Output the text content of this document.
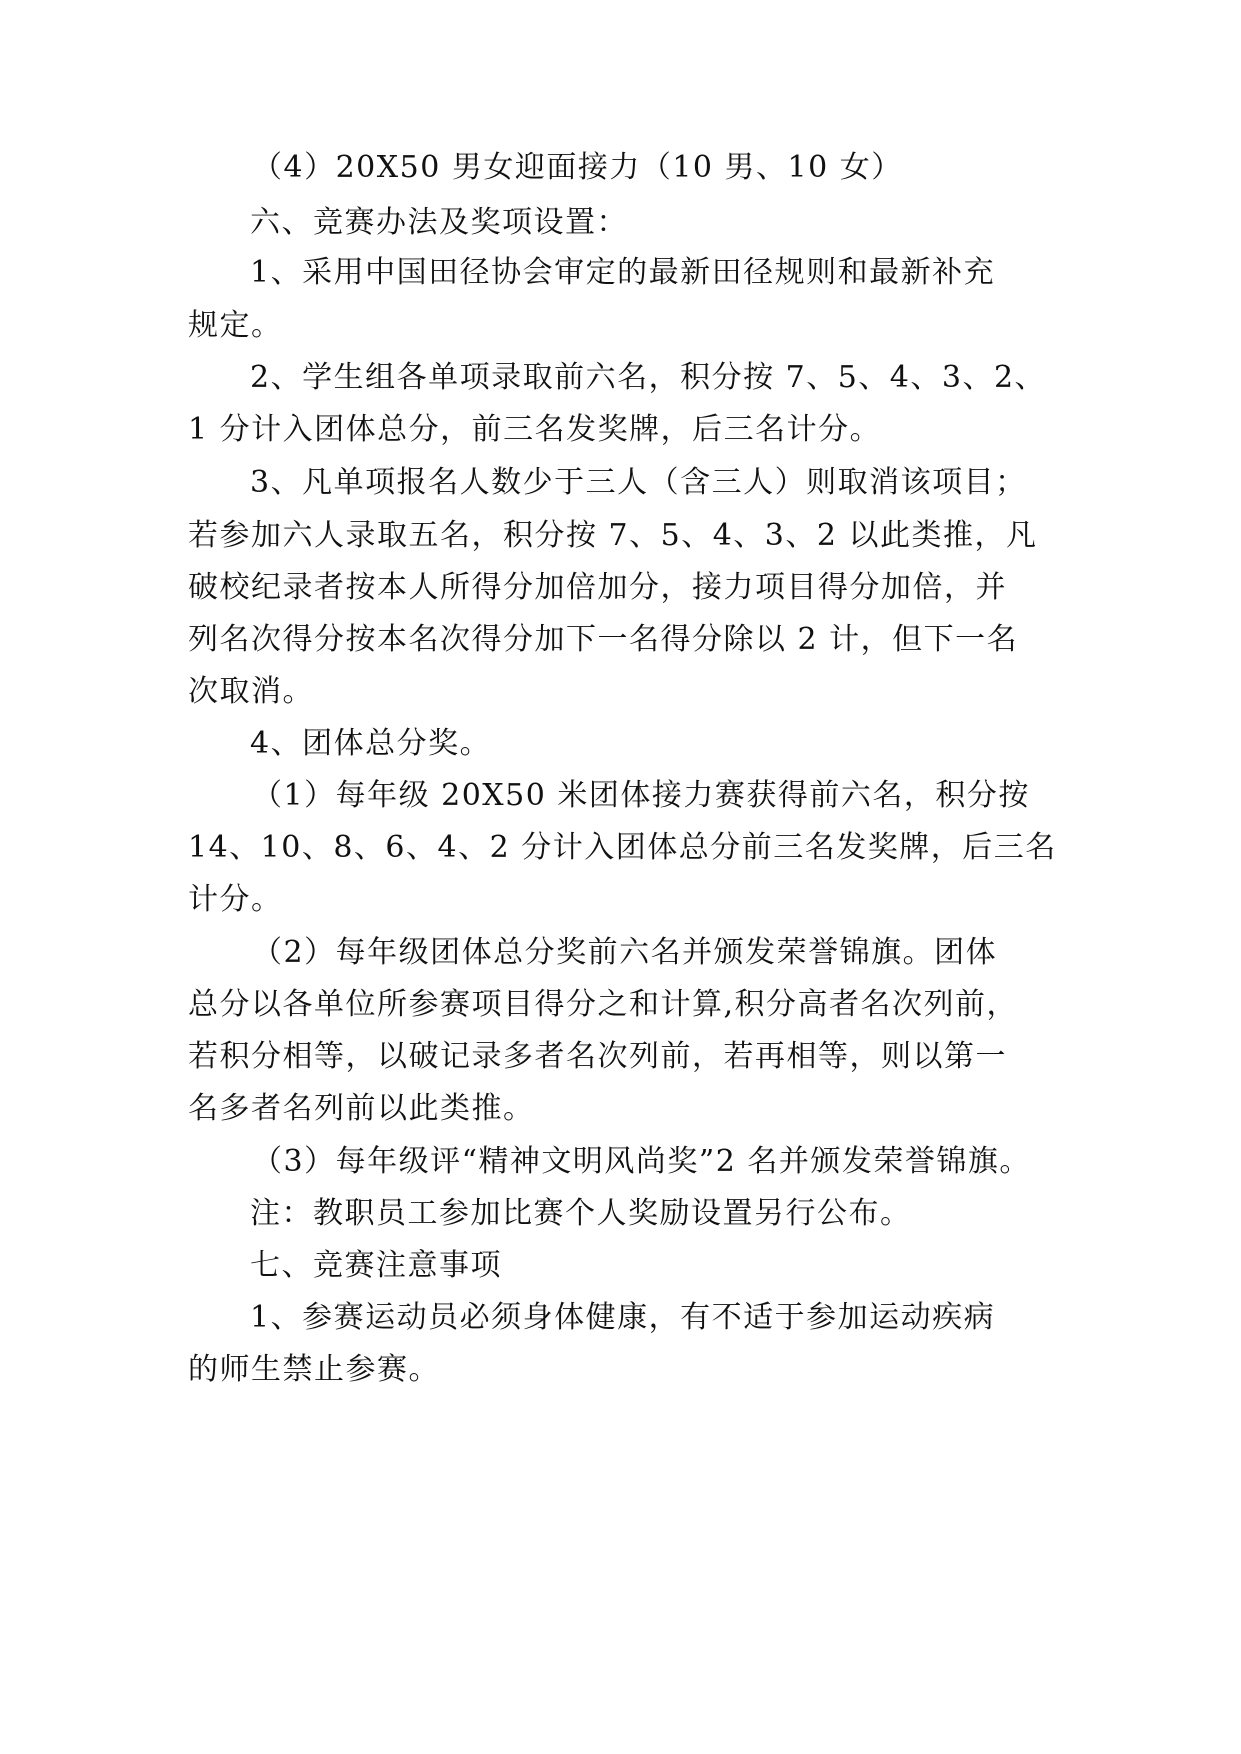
（4）20X50 男女迎面接力（10 男、10 女）
六、竞赛办法及奖项设置：
1、采用中国田径协会审定的最新田径规则和最新补充
规定。
2、学生组各单项录取前六名，积分按 7、5、4、3、2、
1 分计入团体总分，前三名发奖牌，后三名计分。
3、凡单项报名人数少于三人（含三人）则取消该项目；
若参加六人录取五名，积分按 7、5、4、3、2 以此类推，凡
破校纪录者按本人所得分加倍加分，接力项目得分加倍，并
列名次得分按本名次得分加下一名得分除以 2 计，但下一名
次取消。
4、团体总分奖。
（1）每年级 20X50 米团体接力赛获得前六名，积分按
14、10、8、6、4、2 分计入团体总分前三名发奖牌，后三名
计分。
（2）每年级团体总分奖前六名并颁发荣誉锦旗。团体
总分以各单位所参赛项目得分之和计算,积分高者名次列前，
若积分相等，以破记录多者名次列前，若再相等，则以第一
名多者名列前以此类推。
（3）每年级评“精神文明风尚奖”2 名并颁发荣誉锦旗。
注：教职员工参加比赛个人奖励设置另行公布。
七、竞赛注意事项
1、参赛运动员必须身体健康，有不适于参加运动疾病
的师生禁止参赛。
